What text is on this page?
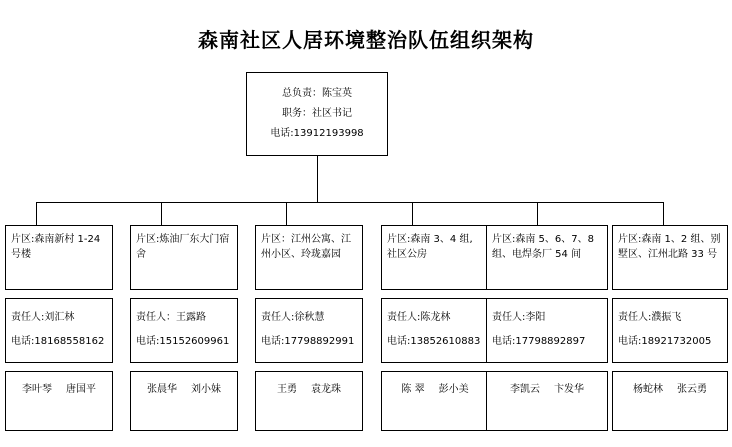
森南社区人居环境整治队伍组织架构
总负责：陈宝英
职务：社区书记
电话:13912193998
片区:森南新村 1-24 号楼
责任人:刘汇林
电话:18168558162
李叶琴 唐国平
片区:炼油厂东大门宿舍
责任人：王露路
电话:15152609961
张晨华 刘小妹
片区：江州公寓、江州小区、玲珑嘉园
责任人:徐秋慧
电话:17798892991
王勇 袁龙珠
片区:森南 3、4 组, 社区公房
责任人:陈龙林
电话:13852610883
陈 翠 彭小美
片区:森南 5、6、7、8 组、电焊条厂 54 间
责任人:李阳
电话:17798892897
李凯云 卞发华
片区:森南 1、2 组、别墅区、江州北路 33 号
责任人:濮振飞
电话:18921732005
杨蛇林 张云勇
